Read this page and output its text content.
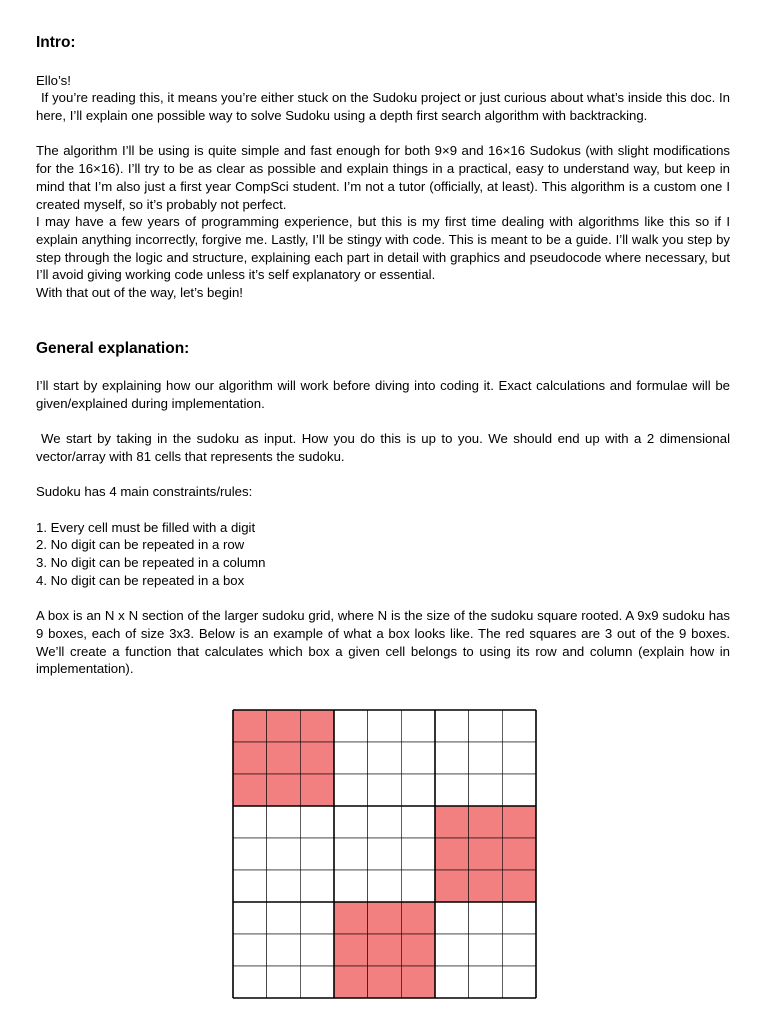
Intro:

Ello’s!

If you’re reading this, it means you’re either stuck on the Sudoku project or just curious about what’s inside this doc. In here, I’ll explain one possible way to solve Sudoku using a depth first search algorithm with backtracking.

The algorithm I’ll be using is quite simple and fast enough for both 9×9 and 16×16 Sudokus (with slight modifications for the 16×16). I’ll try to be as clear as possible and explain things in a practical, easy to understand way, but keep in mind that I’m also just a first year CompSci student. I’m not a tutor (officially, at least). This algorithm is a custom one I created myself, so it’s probably not perfect.

I may have a few years of programming experience, but this is my first time dealing with algorithms like this so if I explain anything incorrectly, forgive me. Lastly, I’ll be stingy with code. This is meant to be a guide. I’ll walk you step by step through the logic and structure, explaining each part in detail with graphics and pseudocode where necessary, but I’ll avoid giving working code unless it’s self explanatory or essential.

With that out of the way, let’s begin!

General explanation:

I’ll start by explaining how our algorithm will work before diving into coding it. Exact calculations and formulae will be given/explained during implementation.

We start by taking in the sudoku as input. How you do this is up to you. We should end up with a 2 dimensional vector/array with 81 cells that represents the sudoku.

Sudoku has 4 main constraints/rules:

1. Every cell must be filled with a digit
2. No digit can be repeated in a row
3. No digit can be repeated in a column
4. No digit can be repeated in a box

A box is an N x N section of the larger sudoku grid, where N is the size of the sudoku square rooted. A 9x9 sudoku has 9 boxes, each of size 3x3. Below is an example of what a box looks like. The red squares are 3 out of the 9 boxes. We’ll create a function that calculates which box a given cell belongs to using its row and column (explain how in implementation).
